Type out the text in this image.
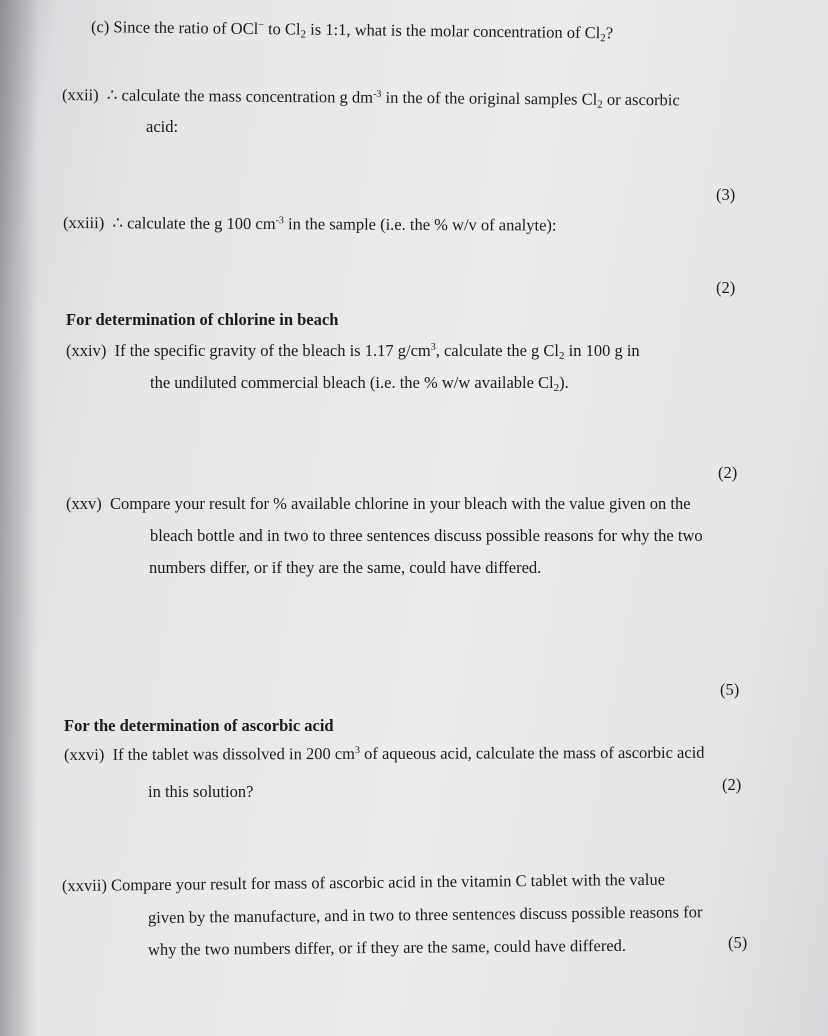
(c) Since the ratio of OCl− to $Cl_2$ is 1:1, what is the molar concentration of $Cl_2$?
(xxii) ∴ calculate the mass concentration g $dm^{-3}$ in the of the original samples $Cl_2$ or ascorbic
acid:
(3)
(xxiii) ∴ calculate the g 100 $cm^{-3}$ in the sample (i.e. the % w/v of analyte):
(2)
For determination of chlorine in beach
(xxiv) If the specific gravity of the bleach is 1.17 $g/cm^3$, calculate the g $Cl_2$ in 100 g in
the undiluted commercial bleach (i.e. the % w/w available $Cl_2$).
(2)
(xxv) Compare your result for % available chlorine in your bleach with the value given on the
bleach bottle and in two to three sentences discuss possible reasons for why the two
numbers differ, or if they are the same, could have differed.
(5)
For the determination of ascorbic acid
(xxvi) If the tablet was dissolved in 200 $cm^3$ of aqueous acid, calculate the mass of ascorbic acid
in this solution?	(2)
(xxvii) Compare your result for mass of ascorbic acid in the vitamin C tablet with the value
given by the manufacture, and in two to three sentences discuss possible reasons for
why the two numbers differ, or if they are the same, could have differed.	(5)
